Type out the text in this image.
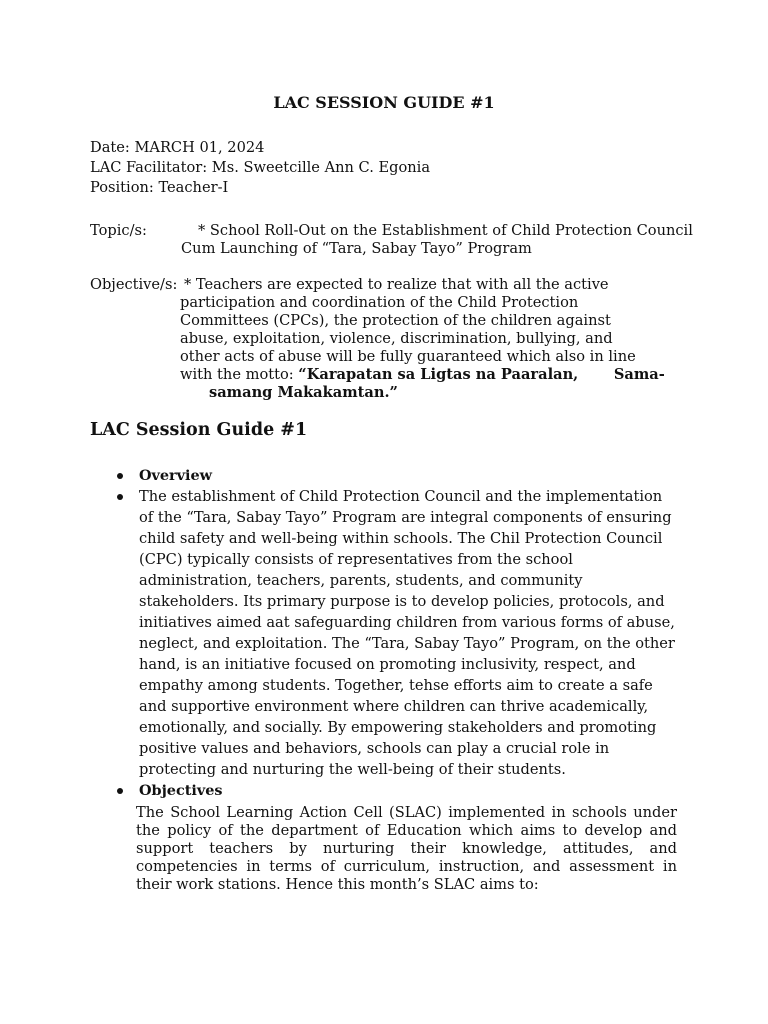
LAC SESSION GUIDE #1

Date: MARCH 01, 2024

LAC Facilitator: Ms. Sweetcille Ann C. Egonia

Position: Teacher-I

Topic/s:	* School Roll-Out on the Establishment of Child Protection Council

Cum Launching of “Tara, Sabay Tayo” Program

Objective/s: * Teachers are expected to realize that with all the active

participation and coordination of the Child Protection

Committees (CPCs), the protection of the children against

abuse, exploitation, violence, discrimination, bullying, and

other acts of abuse will be fully guaranteed which also in line

with the motto: “Karapatan sa Ligtas na Paaralan,       Sama-

samang Makakamtan.”

LAC Session Guide #1
Overview
The establishment of Child Protection Council and the implementation
of the “Tara, Sabay Tayo” Program are integral components of ensuring
child safety and well-being within schools. The Chil Protection Council
(CPC) typically consists of representatives from the school
administration, teachers, parents, students, and community
stakeholders. Its primary purpose is to develop policies, protocols, and
initiatives aimed aat safeguarding children from various forms of abuse,
neglect, and exploitation. The “Tara, Sabay Tayo” Program, on the other
hand, is an initiative focused on promoting inclusivity, respect, and
empathy among students. Together, tehse efforts aim to create a safe
and supportive environment where children can thrive academically,
emotionally, and socially. By empowering stakeholders and promoting
positive values and behaviors, schools can play a crucial role in
protecting and nurturing the well-being of their students.
Objectives

The School Learning Action Cell (SLAC) implemented in schools under the policy of the department of Education which aims to develop and support teachers by nurturing their knowledge, attitudes, and competencies in terms of curriculum, instruction, and assessment in their work stations. Hence this month’s SLAC aims to:
